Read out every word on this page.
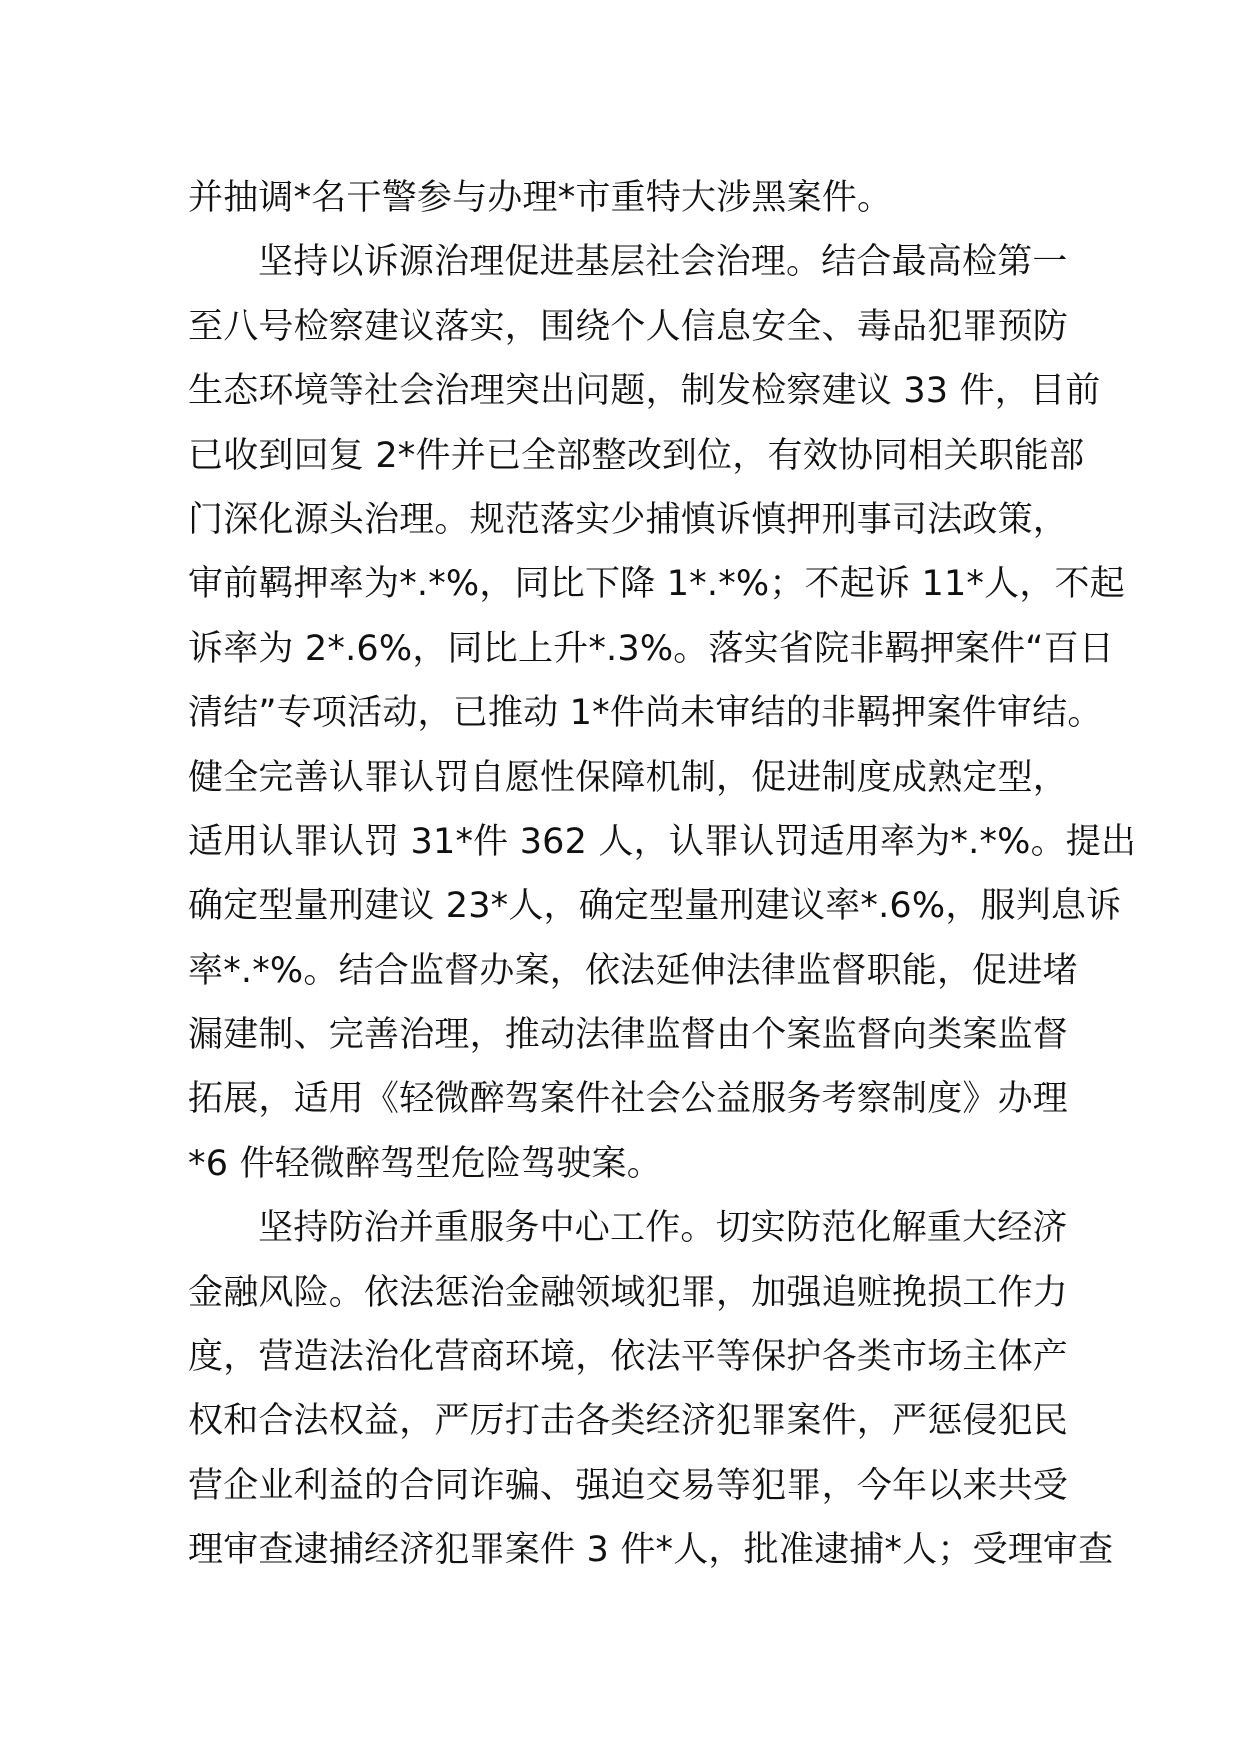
并抽调*名干警参与办理*市重特大涉黑案件。
坚持以诉源治理促进基层社会治理。结合最高检第一
至八号检察建议落实，围绕个人信息安全、毒品犯罪预防
生态环境等社会治理突出问题，制发检察建议 33 件，目前
已收到回复 2*件并已全部整改到位，有效协同相关职能部
门深化源头治理。规范落实少捕慎诉慎押刑事司法政策，
审前羁押率为*.*%，同比下降 1*.*%；不起诉 11*人，不起
诉率为 2*.6%，同比上升*.3%。落实省院非羁押案件“百日
清结”专项活动，已推动 1*件尚未审结的非羁押案件审结。
健全完善认罪认罚自愿性保障机制，促进制度成熟定型，
适用认罪认罚 31*件 362 人，认罪认罚适用率为*.*%。提出
确定型量刑建议 23*人，确定型量刑建议率*.6%，服判息诉
率*.*%。结合监督办案，依法延伸法律监督职能，促进堵
漏建制、完善治理，推动法律监督由个案监督向类案监督
拓展，适用《轻微醉驾案件社会公益服务考察制度》办理
*6 件轻微醉驾型危险驾驶案。
坚持防治并重服务中心工作。切实防范化解重大经济
金融风险。依法惩治金融领域犯罪，加强追赃挽损工作力
度，营造法治化营商环境，依法平等保护各类市场主体产
权和合法权益，严厉打击各类经济犯罪案件，严惩侵犯民
营企业利益的合同诈骗、强迫交易等犯罪，今年以来共受
理审查逮捕经济犯罪案件 3 件*人，批准逮捕*人；受理审查
